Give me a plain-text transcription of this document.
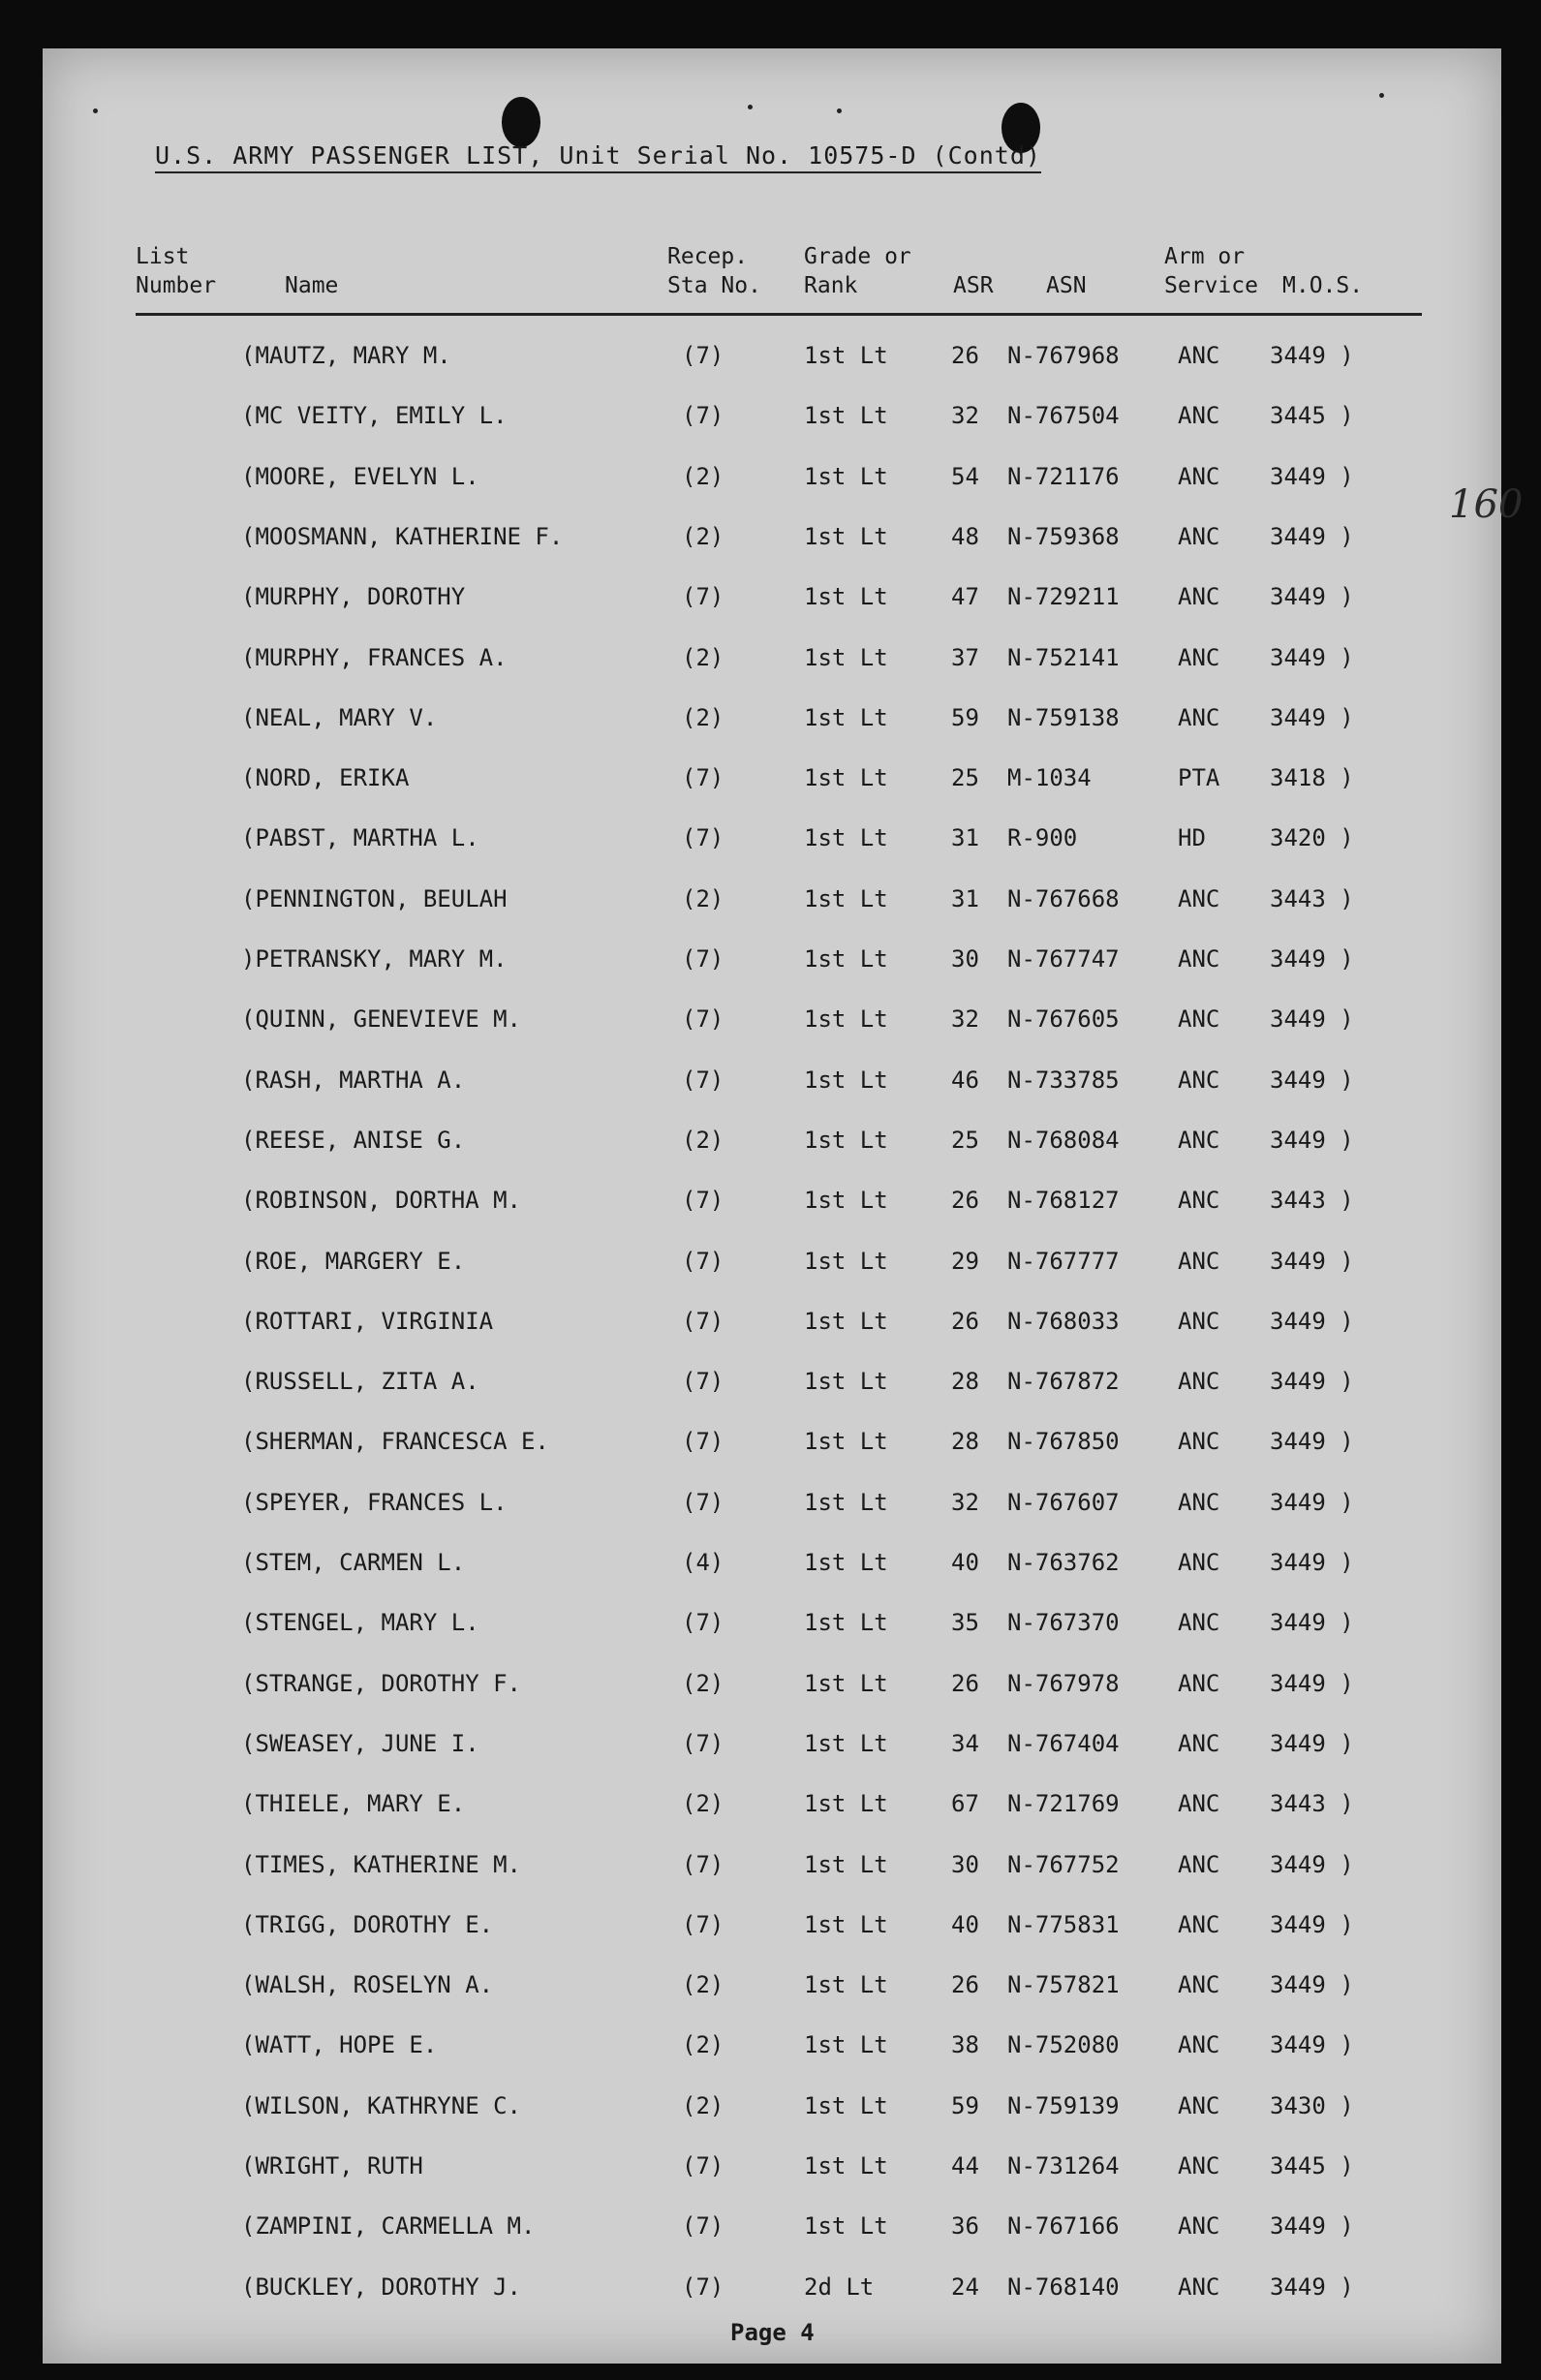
U.S. ARMY PASSENGER LIST, Unit Serial No. 10575-D (Contd)
List
Number	Name
Recep.
Sta No.
Grade or
Rank	ASR ASN
Arm or
Service M.O.S.
160
(MAUTZ, MARY M.	(7)	1st Lt	26 N-767968	ANC 3449 )
(MC VEITY, EMILY L.	(7)	1st Lt	32 N-767504	ANC 3445 )
(MOORE, EVELYN L.	(2)	1st Lt	54 N-721176	ANC 3449 )
(MOOSMANN, KATHERINE F.	(2)	1st Lt	48 N-759368	ANC 3449 )
(MURPHY, DOROTHY	(7)	1st Lt	47 N-729211	ANC 3449 )
(MURPHY, FRANCES A.	(2)	1st Lt	37 N-752141	ANC 3449 )
(NEAL, MARY V.	(2)	1st Lt	59 N-759138	ANC 3449 )
(NORD, ERIKA	(7)	1st Lt	25 M-1034	PTA 3418 )
(PABST, MARTHA L.	(7)	1st Lt	31 R-900	HD	3420 )
(PENNINGTON, BEULAH	(2)	1st Lt	31 N-767668	ANC 3443 )
)PETRANSKY, MARY M.	(7)	1st Lt	30 N-767747	ANC 3449 )
(QUINN, GENEVIEVE M.	(7)	1st Lt	32 N-767605	ANC 3449 )
(RASH, MARTHA A.	(7)	1st Lt	46 N-733785	ANC 3449 )
(REESE, ANISE G.	(2)	1st Lt	25 N-768084	ANC 3449 )
(ROBINSON, DORTHA M.	(7)	1st Lt	26 N-768127	ANC 3443 )
(ROE, MARGERY E.	(7)	1st Lt	29 N-767777	ANC 3449 )
(ROTTARI, VIRGINIA	(7)	1st Lt	26 N-768033	ANC 3449 )
(RUSSELL, ZITA A.	(7)	1st Lt	28 N-767872	ANC 3449 )
(SHERMAN, FRANCESCA E.	(7)	1st Lt	28 N-767850	ANC 3449 )
(SPEYER, FRANCES L.	(7)	1st Lt	32 N-767607	ANC 3449 )
(STEM, CARMEN L.	(4)	1st Lt	40 N-763762	ANC 3449 )
(STENGEL, MARY L.	(7)	1st Lt	35 N-767370	ANC 3449 )
(STRANGE, DOROTHY F.	(2)	1st Lt	26 N-767978	ANC 3449 )
(SWEASEY, JUNE I.	(7)	1st Lt	34 N-767404	ANC 3449 )
(THIELE, MARY E.	(2)	1st Lt	67 N-721769	ANC 3443 )
(TIMES, KATHERINE M.	(7)	1st Lt	30 N-767752	ANC 3449 )
(TRIGG, DOROTHY E.	(7)	1st Lt	40 N-775831	ANC 3449 )
(WALSH, ROSELYN A.	(2)	1st Lt	26 N-757821	ANC 3449 )
(WATT, HOPE E.	(2)	1st Lt	38 N-752080	ANC 3449 )
(WILSON, KATHRYNE C.	(2)	1st Lt	59 N-759139	ANC 3430 )
(WRIGHT, RUTH	(7)	1st Lt	44 N-731264	ANC 3445 )
(ZAMPINI, CARMELLA M.	(7)	1st Lt	36 N-767166	ANC 3449 )
(BUCKLEY, DOROTHY J.	(7)	2d Lt	24 N-768140	ANC 3449 )
Page 4
